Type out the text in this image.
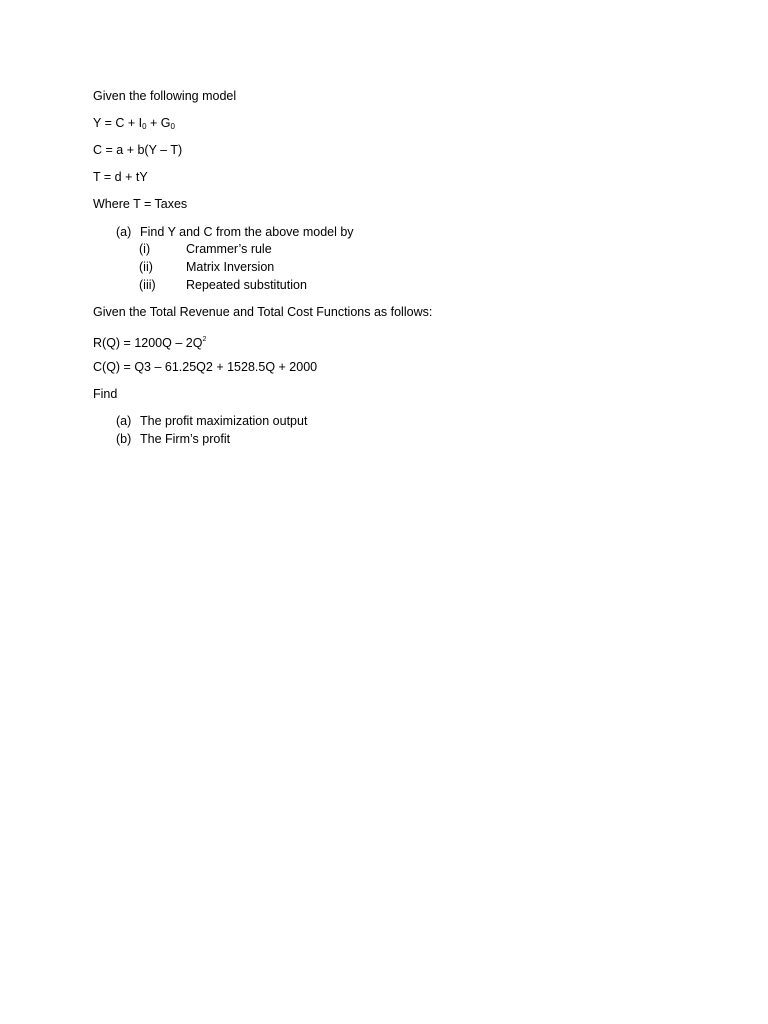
Given the following model
$Y = C + I_0 + G_0$
C = a + b(Y – T)
T = d + tY
Where T = Taxes
(a) Find Y and C from the above model by
(i)	Crammer’s rule
(ii)	Matrix Inversion
(iii) Repeated substitution
Given the Total Revenue and Total Cost Functions as follows:
$R(Q) = 1200Q - 2Q^2$
C(Q) = Q3 – 61.25Q2 + 1528.5Q + 2000
Find
(a) The profit maximization output
(b) The Firm’s profit
